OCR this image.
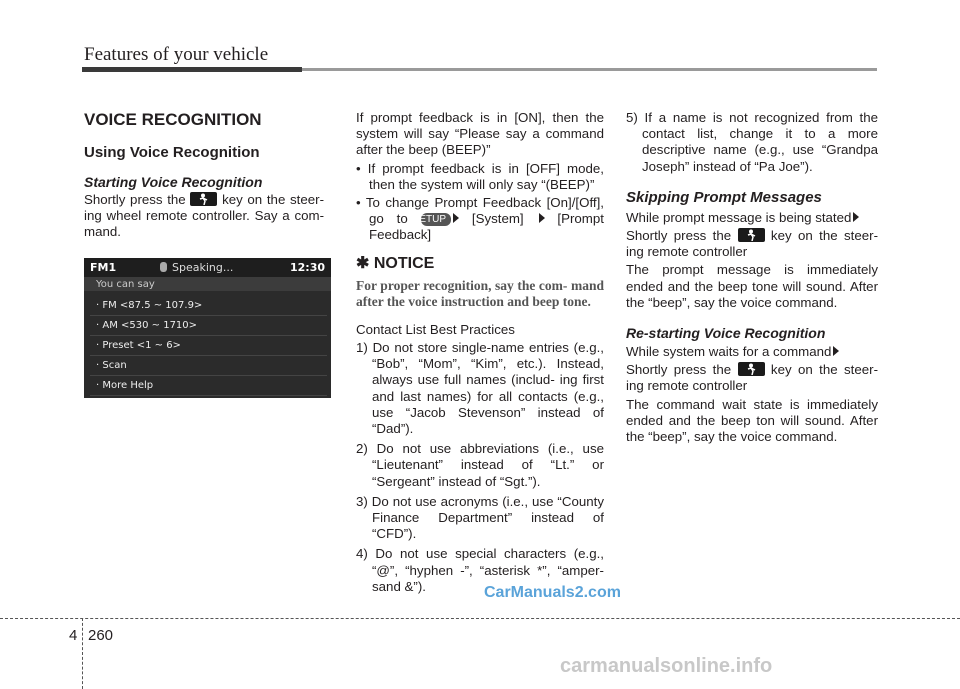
Features of your vehicle
VOICE RECOGNITION
Using Voice Recognition
Starting Voice Recognition

Shortly press the	key on the steer- ing wheel remote controller. Say a com- mand.

FM1	Speaking...	12:30
You can say
· FM <87.5 ~ 107.9>
· AM <530 ~ 1710>
· Preset <1 ~ 6>
· Scan
· More Help

If prompt feedback is in [ON], then the system will say “Please say a command after the beep (BEEP)”

• If prompt feedback is in [OFF] mode, then the system will only say “(BEEP)”
• To change Prompt Feedback [On]/[Off], go to SETUP [System]	[Prompt Feedback]
✱ NOTICE
For proper recognition, say the com- mand after the voice instruction and beep tone.

Contact List Best Practices

1) Do not store single-name entries (e.g., “Bob”, “Mom”, “Kim”, etc.). Instead, always use full names (includ- ing first and last names) for all contacts (e.g., use “Jacob Stevenson” instead of “Dad”).
2) Do not use abbreviations (i.e., use “Lieutenant” instead of “Lt.” or “Sergeant” instead of “Sgt.”).
3) Do not use acronyms (i.e., use “County Finance Department” instead of “CFD”).
4) Do not use special characters (e.g., “@”, “hyphen -”, “asterisk *”, “amper- sand &”).
5) If a name is not recognized from the contact list, change it to a more descriptive name (e.g., use “Grandpa Joseph” instead of “Pa Joe”).
Skipping Prompt Messages

While prompt message is being stated

Shortly press the	key on the steer- ing remote controller

The prompt message is immediately ended and the beep tone will sound. After the “beep”, say the voice command.

Re-starting Voice Recognition

While system waits for a command

Shortly press the	key on the steer- ing remote controller

The command wait state is immediately ended and the beep ton will sound. After the “beep”, say the voice command.

CarManuals2.com
4 260
carmanualsonline.info
